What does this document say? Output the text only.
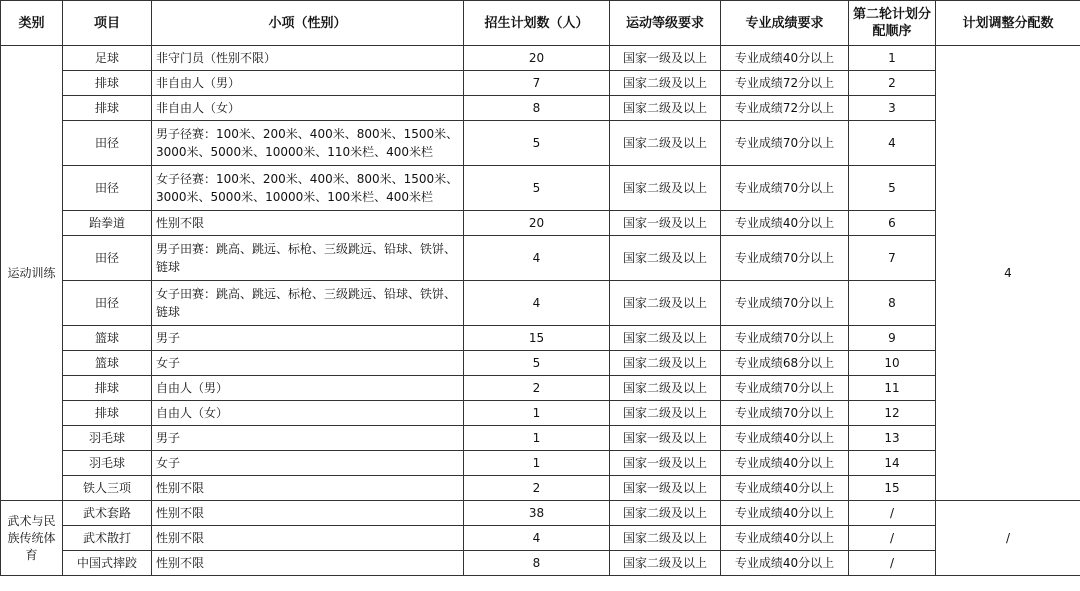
类别	项目	小项（性别）	招生计划数（人）	运动等级要求	专业成绩要求	第二轮计划分配顺序	计划调整分配数
运动训练	足球	非守门员（性别不限）	20	国家一级及以上	专业成绩40分以上	1	4
	排球	非自由人（男）	7	国家二级及以上	专业成绩72分以上	2	
	排球	非自由人（女）	8	国家二级及以上	专业成绩72分以上	3	
	田径	男子径赛：100米、200米、400米、800米、1500米、3000米、5000米、10000米、110米栏、400米栏	5	国家二级及以上	专业成绩70分以上	4	
	田径	女子径赛：100米、200米、400米、800米、1500米、3000米、5000米、10000米、100米栏、400米栏	5	国家二级及以上	专业成绩70分以上	5	
	跆拳道	性别不限	20	国家一级及以上	专业成绩40分以上	6	
	田径	男子田赛：跳高、跳远、标枪、三级跳远、铅球、铁饼、链球	4	国家二级及以上	专业成绩70分以上	7	
	田径	女子田赛：跳高、跳远、标枪、三级跳远、铅球、铁饼、链球	4	国家二级及以上	专业成绩70分以上	8	
	篮球	男子	15	国家二级及以上	专业成绩70分以上	9	
	篮球	女子	5	国家二级及以上	专业成绩68分以上	10	
	排球	自由人（男）	2	国家二级及以上	专业成绩70分以上	11	
	排球	自由人（女）	1	国家二级及以上	专业成绩70分以上	12	
	羽毛球	男子	1	国家一级及以上	专业成绩40分以上	13	
	羽毛球	女子	1	国家一级及以上	专业成绩40分以上	14	
	铁人三项	性别不限	2	国家一级及以上	专业成绩40分以上	15	
武术与民族传统体育	武术套路	性别不限	38	国家二级及以上	专业成绩40分以上	/	/
	武术散打	性别不限	4	国家二级及以上	专业成绩40分以上	/	
	中国式摔跤	性别不限	8	国家二级及以上	专业成绩40分以上	/	
